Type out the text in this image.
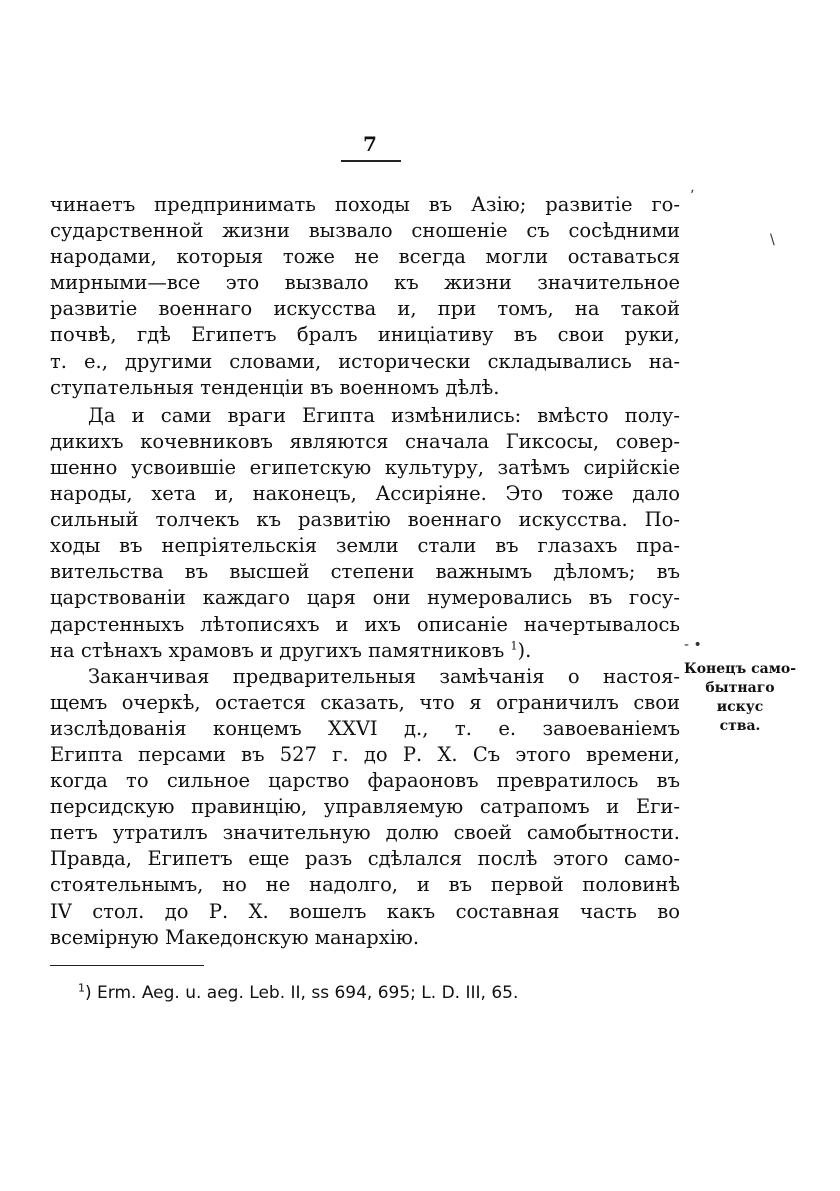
7
чинаетъ предпринимать походы въ Азію; развитіе го-
сударственной жизни вызвало сношеніе съ сосѣдними
народами, которыя тоже не всегда могли оставаться
мирными—все это вызвало къ жизни значительное
развитіе военнаго искусства и, при томъ, на такой
почвѣ, гдѣ Египетъ бралъ иниціативу въ свои руки,
т. е., другими словами, исторически складывались на-
ступательныя тенденціи въ военномъ дѣлѣ.
Да и сами враги Египта измѣнились: вмѣсто полу-
дикихъ кочевниковъ являются сначала Гиксосы, совер-
шенно усвоившіе египетскую культуру, затѣмъ сирійскіе
народы, хета и, наконецъ, Ассиріяне. Это тоже дало
сильный толчекъ къ развитію военнаго искусства. По-
ходы въ непріятельскія земли стали въ глазахъ пра-
вительства въ высшей степени важнымъ дѣломъ; въ
царствованіи каждаго царя они нумеровались въ госу-
дарстенныхъ лѣтописяхъ и ихъ описаніе начертывалось
на стѣнахъ храмовъ и другихъ памятниковъ $^1$).
Заканчивая предварительныя замѣчанія о настоя-
щемъ очеркѣ, остается сказать, что я ограничилъ свои
изслѣдованія концемъ XXVI д., т. е. завоеваніемъ
Египта персами въ 527 г. до Р. Х. Съ этого времени,
когда то сильное царство фараоновъ превратилось въ
персидскую правинцію, управляемую сатрапомъ и Еги-
петъ утратилъ значительную долю своей самобытности.
Правда, Египетъ еще разъ сдѣлался послѣ этого само-
стоятельнымъ, но не надолго, и въ первой половинѣ
IV стол. до Р. Х. вошелъ какъ составная часть во
всемірную Македонскую манархію.
Конецъ само-
бытнаго искус
ства.
$^1$) Erm. Aeg. u. aeg. Leb. II, ss 694, 695; L. D. III, 65.
ʼ
\
- •
